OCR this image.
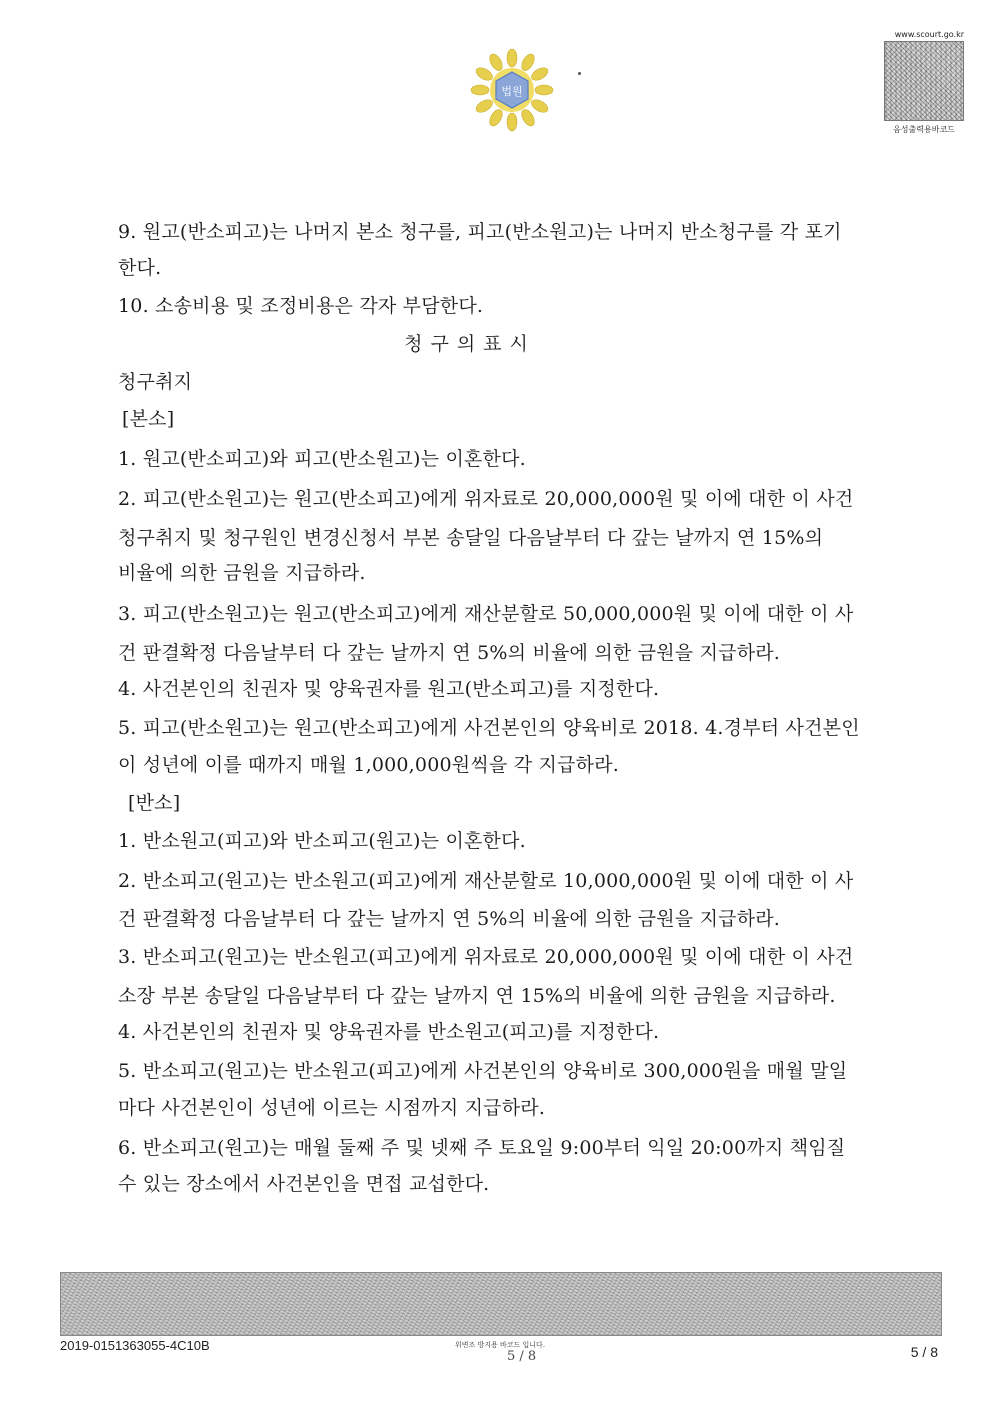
법원
www.scourt.go.kr
음성출력용바코드
9. 원고(반소피고)는 나머지 본소 청구를, 피고(반소원고)는 나머지 반소청구를 각 포기
한다.
10. 소송비용 및 조정비용은 각자 부담한다.
청구의표시
청구취지
[본소]
1. 원고(반소피고)와 피고(반소원고)는 이혼한다.
2. 피고(반소원고)는 원고(반소피고)에게 위자료로 20,000,000원 및 이에 대한 이 사건
청구취지 및 청구원인 변경신청서 부본 송달일 다음날부터 다 갚는 날까지 연 15%의
비율에 의한 금원을 지급하라.
3. 피고(반소원고)는 원고(반소피고)에게 재산분할로 50,000,000원 및 이에 대한 이 사
건 판결확정 다음날부터 다 갚는 날까지 연 5%의 비율에 의한 금원을 지급하라.
4. 사건본인의 친권자 및 양육권자를 원고(반소피고)를 지정한다.
5. 피고(반소원고)는 원고(반소피고)에게 사건본인의 양육비로 2018. 4.경부터 사건본인
이 성년에 이를 때까지 매월 1,000,000원씩을 각 지급하라.
[반소]
1. 반소원고(피고)와 반소피고(원고)는 이혼한다.
2. 반소피고(원고)는 반소원고(피고)에게 재산분할로 10,000,000원 및 이에 대한 이 사
건 판결확정 다음날부터 다 갚는 날까지 연 5%의 비율에 의한 금원을 지급하라.
3. 반소피고(원고)는 반소원고(피고)에게 위자료로 20,000,000원 및 이에 대한 이 사건
소장 부본 송달일 다음날부터 다 갚는 날까지 연 15%의 비율에 의한 금원을 지급하라.
4. 사건본인의 친권자 및 양육권자를 반소원고(피고)를 지정한다.
5. 반소피고(원고)는 반소원고(피고)에게 사건본인의 양육비로 300,000원을 매월 말일
마다 사건본인이 성년에 이르는 시점까지 지급하라.
6. 반소피고(원고)는 매월 둘째 주 및 넷째 주 토요일 9:00부터 익일 20:00까지 책임질
수 있는 장소에서 사건본인을 면접 교섭한다.
2019-0151363055-4C10B	위변조 방지용 바코드 입니다.
5 / 8	5 / 8
